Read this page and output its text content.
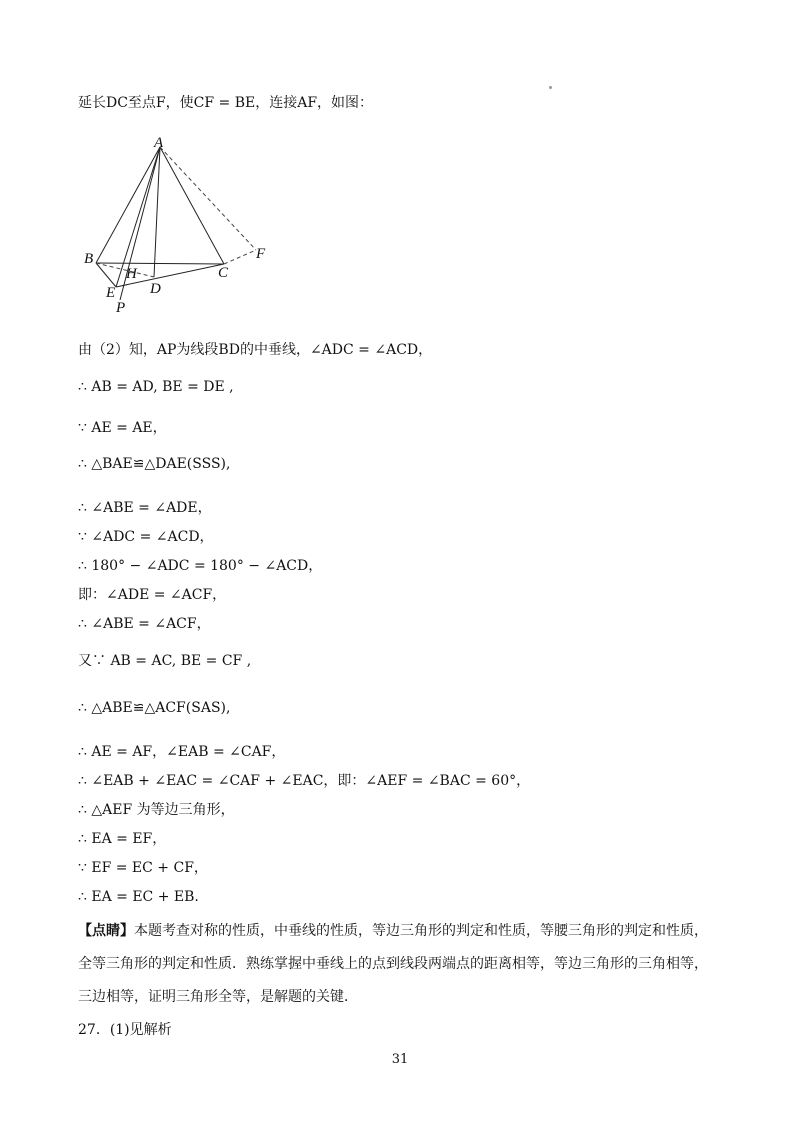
延长DC至点F，使CF = BE，连接AF，如图：
A
B
C
D
E
F
H
P
由（2）知，AP为线段BD的中垂线，∠ADC = ∠ACD，
∴ AB = AD, BE = DE ,
∵ AE = AE，
∴ △BAE≌△DAE(SSS),
∴ ∠ABE = ∠ADE，
∵ ∠ADC = ∠ACD，
∴ 180° − ∠ADC = 180° − ∠ACD，
即：∠ADE = ∠ACF，
∴ ∠ABE = ∠ACF，
又∵ AB = AC, BE = CF ,
∴ △ABE≌△ACF(SAS),
∴ AE = AF，∠EAB = ∠CAF，
∴ ∠EAB + ∠EAC = ∠CAF + ∠EAC，即：∠AEF = ∠BAC = 60°，
∴ △AEF 为等边三角形，
∴ EA = EF，
∵ EF = EC + CF，
∴ EA = EC + EB.
【点睛】本题考查对称的性质，中垂线的性质，等边三角形的判定和性质，等腰三角形的判定和性质，全等三角形的判定和性质．熟练掌握中垂线上的点到线段两端点的距离相等，等边三角形的三角相等，三边相等，证明三角形全等，是解题的关键．
27．(1)见解析
31
